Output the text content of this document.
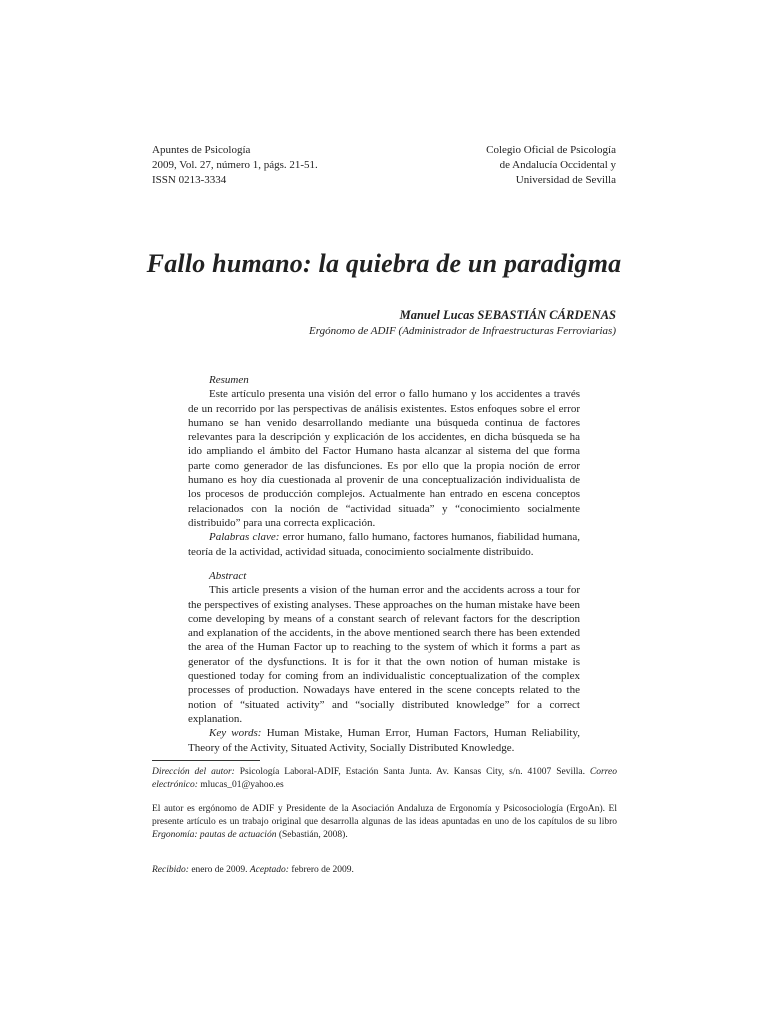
Apuntes de Psicología
2009, Vol. 27, número 1, págs. 21-51.
ISSN 0213-3334
Colegio Oficial de Psicología
de Andalucía Occidental y
Universidad de Sevilla
Fallo humano: la quiebra de un paradigma
Manuel Lucas SEBASTIÁN CÁRDENAS
Ergónomo de ADIF (Administrador de Infraestructuras Ferroviarias)
Resumen

Este artículo presenta una visión del error o fallo humano y los accidentes a través de un recorrido por las perspectivas de análisis existentes. Estos enfoques sobre el error humano se han venido desarrollando mediante una búsqueda continua de factores relevantes para la descripción y explicación de los accidentes, en dicha búsqueda se ha ido ampliando el ámbito del Factor Humano hasta alcanzar al sistema del que forma parte como generador de las disfunciones. Es por ello que la propia noción de error humano es hoy día cuestionada al provenir de una conceptualización individualista de los procesos de producción complejos. Actualmente han entrado en escena conceptos relacionados con la noción de “actividad situada” y “conocimiento socialmente distribuido” para una correcta explicación.

Palabras clave: error humano, fallo humano, factores humanos, fiabilidad humana, teoría de la actividad, actividad situada, conocimiento socialmente distribuido.

Abstract

This article presents a vision of the human error and the accidents across a tour for the perspectives of existing analyses. These approaches on the human mistake have been come developing by means of a constant search of relevant factors for the description and explanation of the accidents, in the above mentioned search there has been extended the area of the Human Factor up to reaching to the system of which it forms a part as generator of the dysfunctions. It is for it that the own notion of human mistake is questioned today for coming from an individualistic conceptualization of the complex processes of production. Nowadays have entered in the scene concepts related to the notion of “situated activity” and “socially distributed knowledge” for a correct explanation.

Key words: Human Mistake, Human Error, Human Factors, Human Reliability, Theory of the Activity, Situated Activity, Socially Distributed Knowledge.

Dirección del autor: Psicología Laboral-ADIF, Estación Santa Junta. Av. Kansas City, s/n. 41007 Sevilla. Correo electrónico: mlucas_01@yahoo.es

El autor es ergónomo de ADIF y Presidente de la Asociación Andaluza de Ergonomía y Psicosociología (ErgoAn). El presente artículo es un trabajo original que desarrolla algunas de las ideas apuntadas en uno de los capítulos de su libro Ergonomía: pautas de actuación (Sebastián, 2008).

Recibido: enero de 2009. Aceptado: febrero de 2009.
